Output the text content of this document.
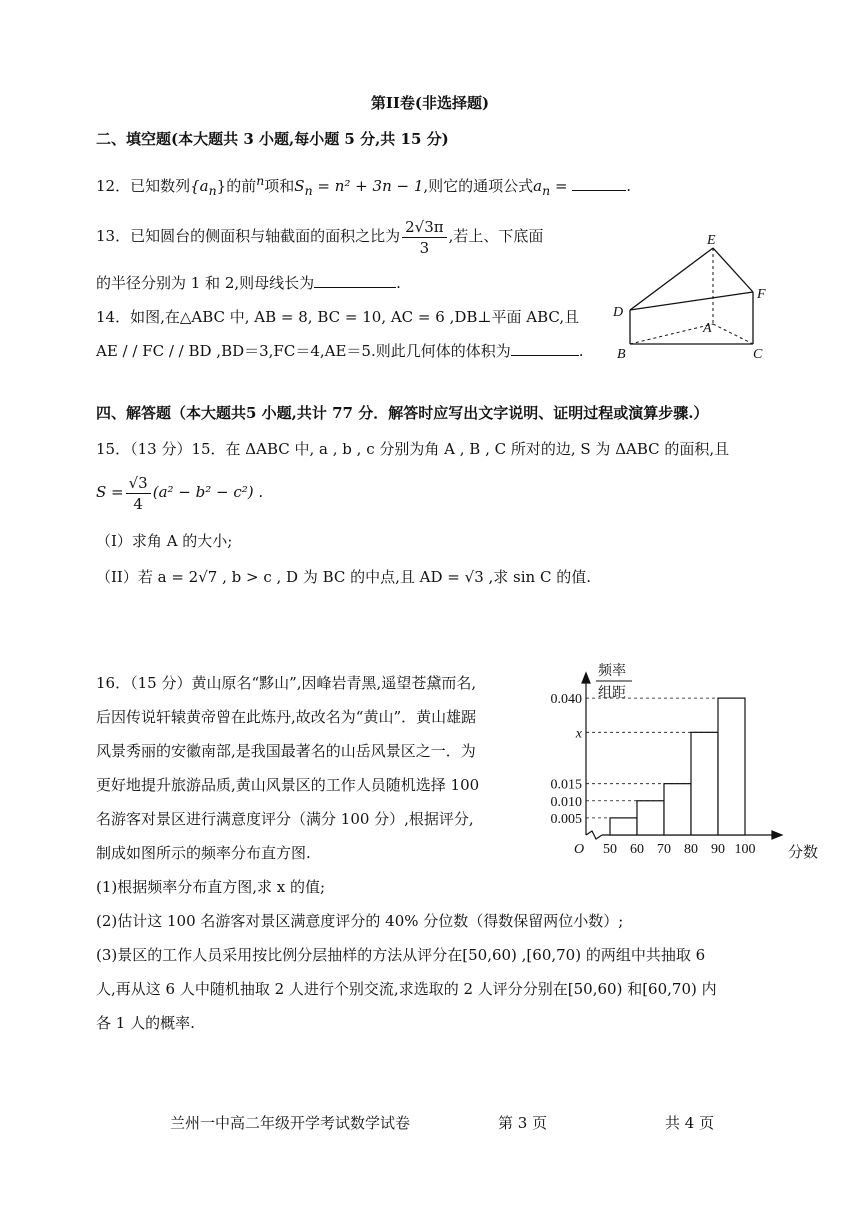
第II卷(非选择题)
二、填空题(本大题共 3 小题,每小题 5 分,共 15 分)
12．已知数列$\{a_n\}$的前$^n$项和$S_n = n^2 + 3n - 1$,则它的通项公式$a_n$ =	.
13．已知圆台的侧面积与轴截面的面积之比为 $\frac{2√3\pi}{3}$ ,若上、下底面
的半径分别为 1 和 2,则母线长为	.
14．如图,在△ABC 中, AB = 8, BC = 10, AC = 6 ,DB⊥平面 ABC,且
AE / / FC / / BD ,BD＝3,FC＝4,AE＝5.则此几何体的体积为	.
E
F
D
A
B	C
四、解答题（本大题共5 小题,共计 77 分．解答时应写出文字说明、证明过程或演算步骤.）
15．（13 分）15．在 ΔABC 中, a , b , c 分别为角 A , B , C 所对的边, S 为 ΔABC 的面积,且
$S = \frac{√3}{4} (a^2 - b^2 - c^2)$ .
（I）求角 A 的大小;
（II）若 a = 2√7 , b > c , D 为 BC 的中点,且 AD = √3 ,求 sin C 的值.
16．（15 分）黄山原名“黟山”,因峰岩青黑,遥望苍黛而名,
后因传说轩辕黄帝曾在此炼丹,故改名为“黄山”．黄山雄踞
风景秀丽的安徽南部,是我国最著名的山岳风景区之一．为
更好地提升旅游品质,黄山风景区的工作人员随机选择 100
名游客对景区进行满意度评分（满分 100 分）,根据评分,
制成如图所示的频率分布直方图.
(1)根据频率分布直方图,求 x 的值;
(2)估计这 100 名游客对景区满意度评分的 40% 分位数（得数保留两位小数）;
(3)景区的工作人员采用按比例分层抽样的方法从评分在[50,60) ,[60,70) 的两组中共抽取 6
人,再从这 6 人中随机抽取 2 人进行个别交流,求选取的 2 人评分分别在[50,60) 和[60,70) 内
各 1 人的概率.
频率
组距
分数
O
0.040
x
0.015
0.010
0.005
50 60 70 80 90 100
兰州一中高二年级开学考试数学试卷	第 3 页	共 4 页
